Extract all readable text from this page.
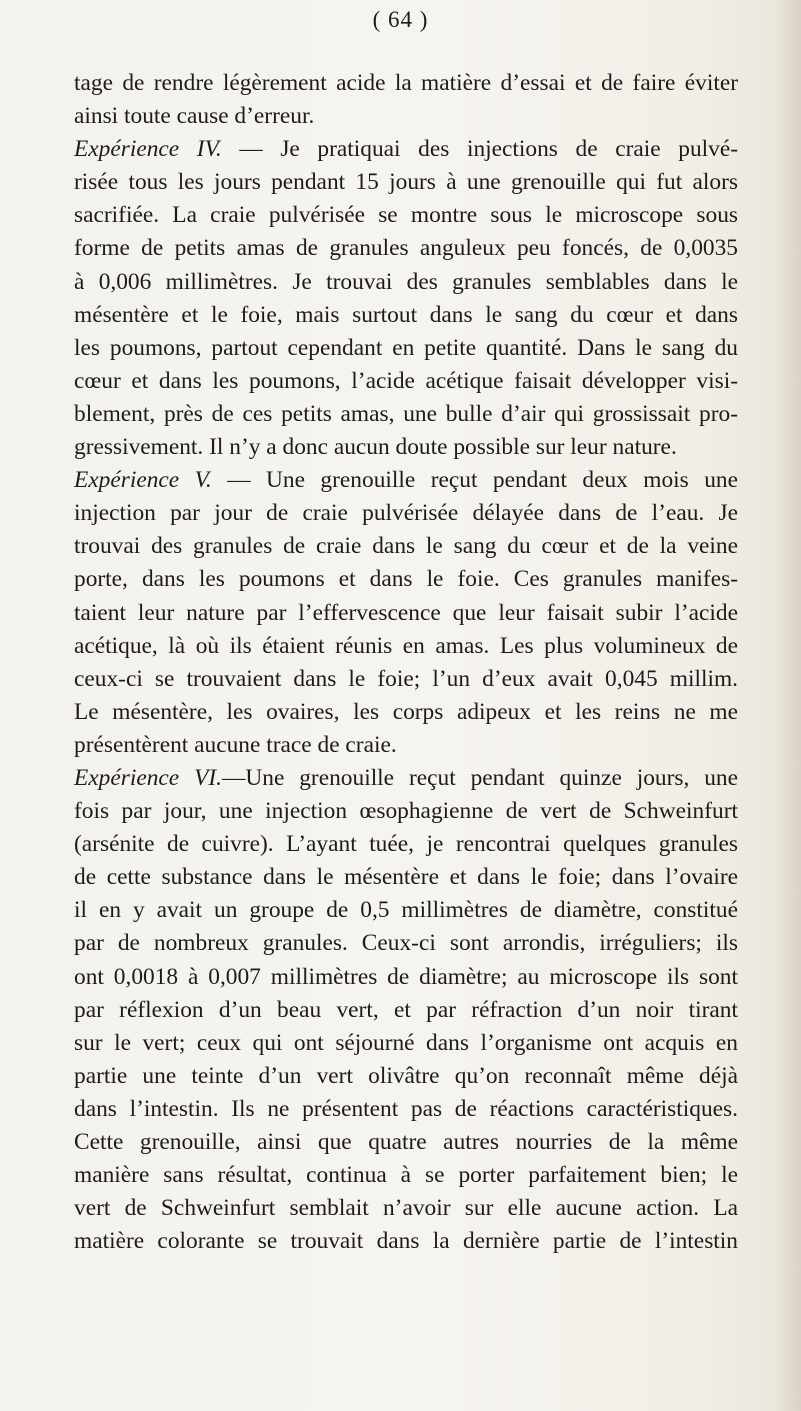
( 64 )
tage de rendre légèrement acide la matière d’essai et de faire éviter
ainsi toute cause d’erreur.
Expérience IV. — Je pratiquai des injections de craie pulvé-
risée tous les jours pendant 15 jours à une grenouille qui fut alors
sacrifiée. La craie pulvérisée se montre sous le microscope sous
forme de petits amas de granules anguleux peu foncés, de 0,0035
à 0,006 millimètres. Je trouvai des granules semblables dans le
mésentère et le foie, mais surtout dans le sang du cœur et dans
les poumons, partout cependant en petite quantité. Dans le sang du
cœur et dans les poumons, l’acide acétique faisait développer visi-
blement, près de ces petits amas, une bulle d’air qui grossissait pro-
gressivement. Il n’y a donc aucun doute possible sur leur nature.
Expérience V. — Une grenouille reçut pendant deux mois une
injection par jour de craie pulvérisée délayée dans de l’eau. Je
trouvai des granules de craie dans le sang du cœur et de la veine
porte, dans les poumons et dans le foie. Ces granules manifes-
taient leur nature par l’effervescence que leur faisait subir l’acide
acétique, là où ils étaient réunis en amas. Les plus volumineux de
ceux-ci se trouvaient dans le foie; l’un d’eux avait 0,045 millim.
Le mésentère, les ovaires, les corps adipeux et les reins ne me
présentèrent aucune trace de craie.
Expérience VI.—Une grenouille reçut pendant quinze jours, une
fois par jour, une injection œsophagienne de vert de Schweinfurt
(arsénite de cuivre). L’ayant tuée, je rencontrai quelques granules
de cette substance dans le mésentère et dans le foie; dans l’ovaire
il en y avait un groupe de 0,5 millimètres de diamètre, constitué
par de nombreux granules. Ceux-ci sont arrondis, irréguliers; ils
ont 0,0018 à 0,007 millimètres de diamètre; au microscope ils sont
par réflexion d’un beau vert, et par réfraction d’un noir tirant
sur le vert; ceux qui ont séjourné dans l’organisme ont acquis en
partie une teinte d’un vert olivâtre qu’on reconnaît même déjà
dans l’intestin. Ils ne présentent pas de réactions caractéristiques.
Cette grenouille, ainsi que quatre autres nourries de la même
manière sans résultat, continua à se porter parfaitement bien; le
vert de Schweinfurt semblait n’avoir sur elle aucune action. La
matière colorante se trouvait dans la dernière partie de l’intestin
